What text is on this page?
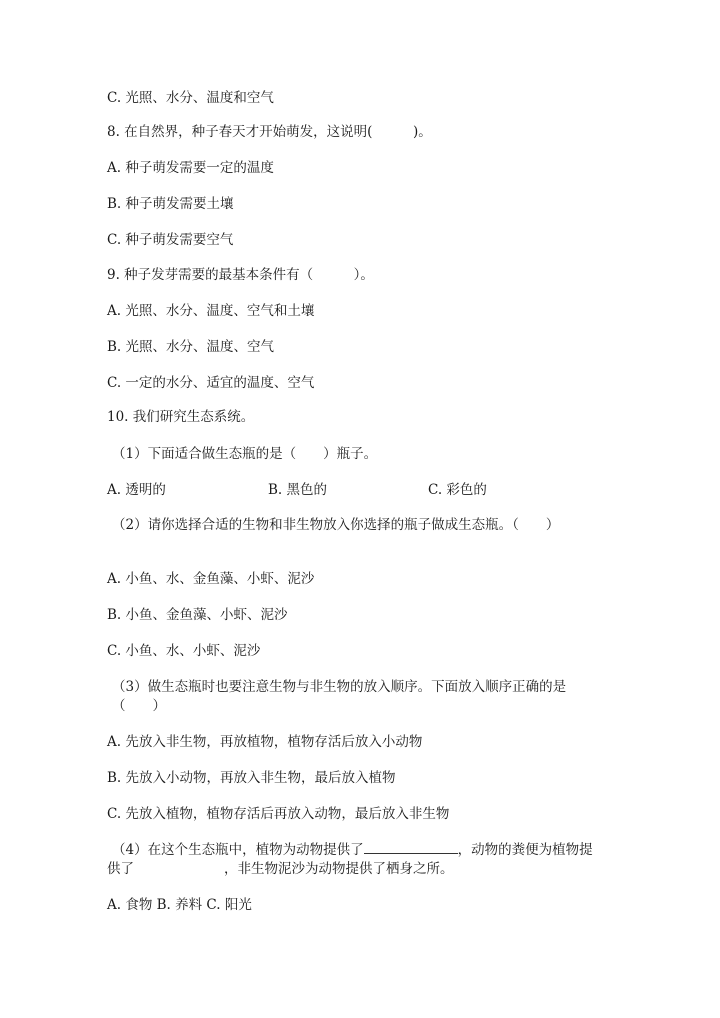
C. 光照、水分、温度和空气
8. 在自然界，种子春天才开始萌发，这说明(　　　)。
A. 种子萌发需要一定的温度
B. 种子萌发需要土壤
C. 种子萌发需要空气
9. 种子发芽需要的最基本条件有（　　　）。
A. 光照、水分、温度、空气和土壤
B. 光照、水分、温度、空气
C. 一定的水分、适宜的温度、空气
10. 我们研究生态系统。
（1）下面适合做生态瓶的是（　　）瓶子。
A. 透明的	B. 黑色的	C. 彩色的
（2）请你选择合适的生物和非生物放入你选择的瓶子做成生态瓶。（　　）
A. 小鱼、水、金鱼藻、小虾、泥沙
B. 小鱼、金鱼藻、小虾、泥沙
C. 小鱼、水、小虾、泥沙
（3）做生态瓶时也要注意生物与非生物的放入顺序。下面放入顺序正确的是
（　　）
A. 先放入非生物，再放植物，植物存活后放入小动物
B. 先放入小动物，再放入非生物，最后放入植物
C. 先放入植物，植物存活后再放入动物，最后放入非生物
（4）在这个生态瓶中，植物为动物提供了	，动物的粪便为植物提
供了	，非生物泥沙为动物提供了栖身之所。
A. 食物 B. 养料 C. 阳光
